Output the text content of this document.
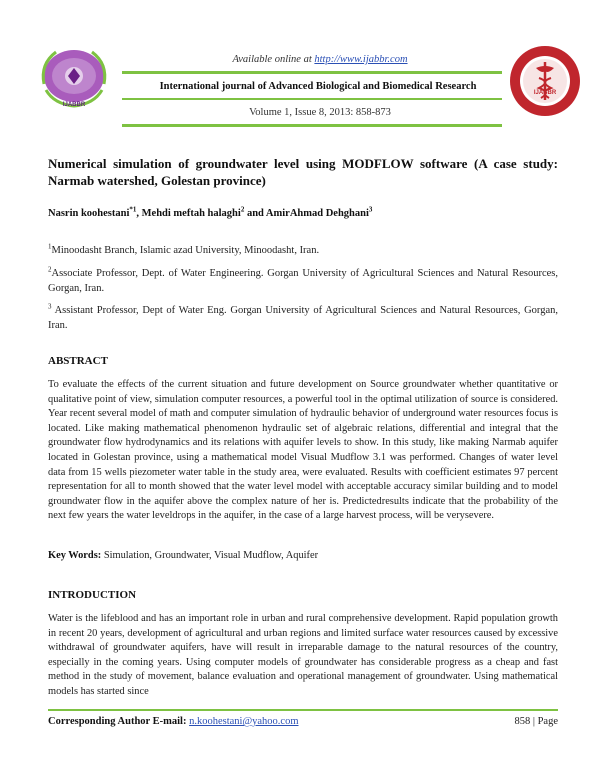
IJABBR
IJABBR
Available online at http://www.ijabbr.com
International journal of Advanced Biological and Biomedical Research
Volume 1, Issue 8, 2013: 858-873
Numerical simulation of groundwater level using MODFLOW software (A case study: Narmab watershed, Golestan province)
Nasrin koohestani$^{*1}$, Mehdi meftah halaghi$^2$ and AmirAhmad Dehghani$^3$
$^1$Minoodasht Branch, Islamic azad University, Minoodasht, Iran.
$^2$Associate Professor, Dept. of Water Engineering. Gorgan University of Agricultural Sciences and Natural Resources, Gorgan, Iran.
$^3$ Assistant Professor, Dept of Water Eng. Gorgan University of Agricultural Sciences and Natural Resources, Gorgan, Iran.
ABSTRACT
To evaluate the effects of the current situation and future development on Source groundwater whether quantitative or qualitative point of view, simulation computer resources, a powerful tool in the optimal utilization of source is considered. Year recent several model of math and computer simulation of hydraulic behavior of underground water resources focus is located. Like making mathematical phenomenon hydraulic set of algebraic relations, differential and integral that the groundwater flow hydrodynamics and its relations with aquifer levels to show. In this study, like making Narmab aquifer located in Golestan province, using a mathematical model Visual Mudflow 3.1 was performed. Changes of water level data from 15 wells piezometer water table in the study area, were evaluated. Results with coefficient estimates 97 percent representation for all to month showed that the water level model with acceptable accuracy similar building and to model groundwater flow in the aquifer above the complex nature of her is. Predictedresults indicate that the probability of the next few years the water leveldrops in the aquifer, in the case of a large harvest process, will be verysevere.
Key Words: Simulation, Groundwater, Visual Mudflow, Aquifer
INTRODUCTION
Water is the lifeblood and has an important role in urban and rural comprehensive development. Rapid population growth in recent 20 years, development of agricultural and urban regions and limited surface water resources caused by excessive withdrawal of groundwater aquifers, have will result in irreparable damage to the natural resources of the country, especially in the coming years. Using computer models of groundwater has considerable progress as a cheap and fast method in the study of movement, balance evaluation and operational management of groundwater. Using mathematical models has started since
Corresponding Author E-mail: n.koohestani@yahoo.com	858 | Page
